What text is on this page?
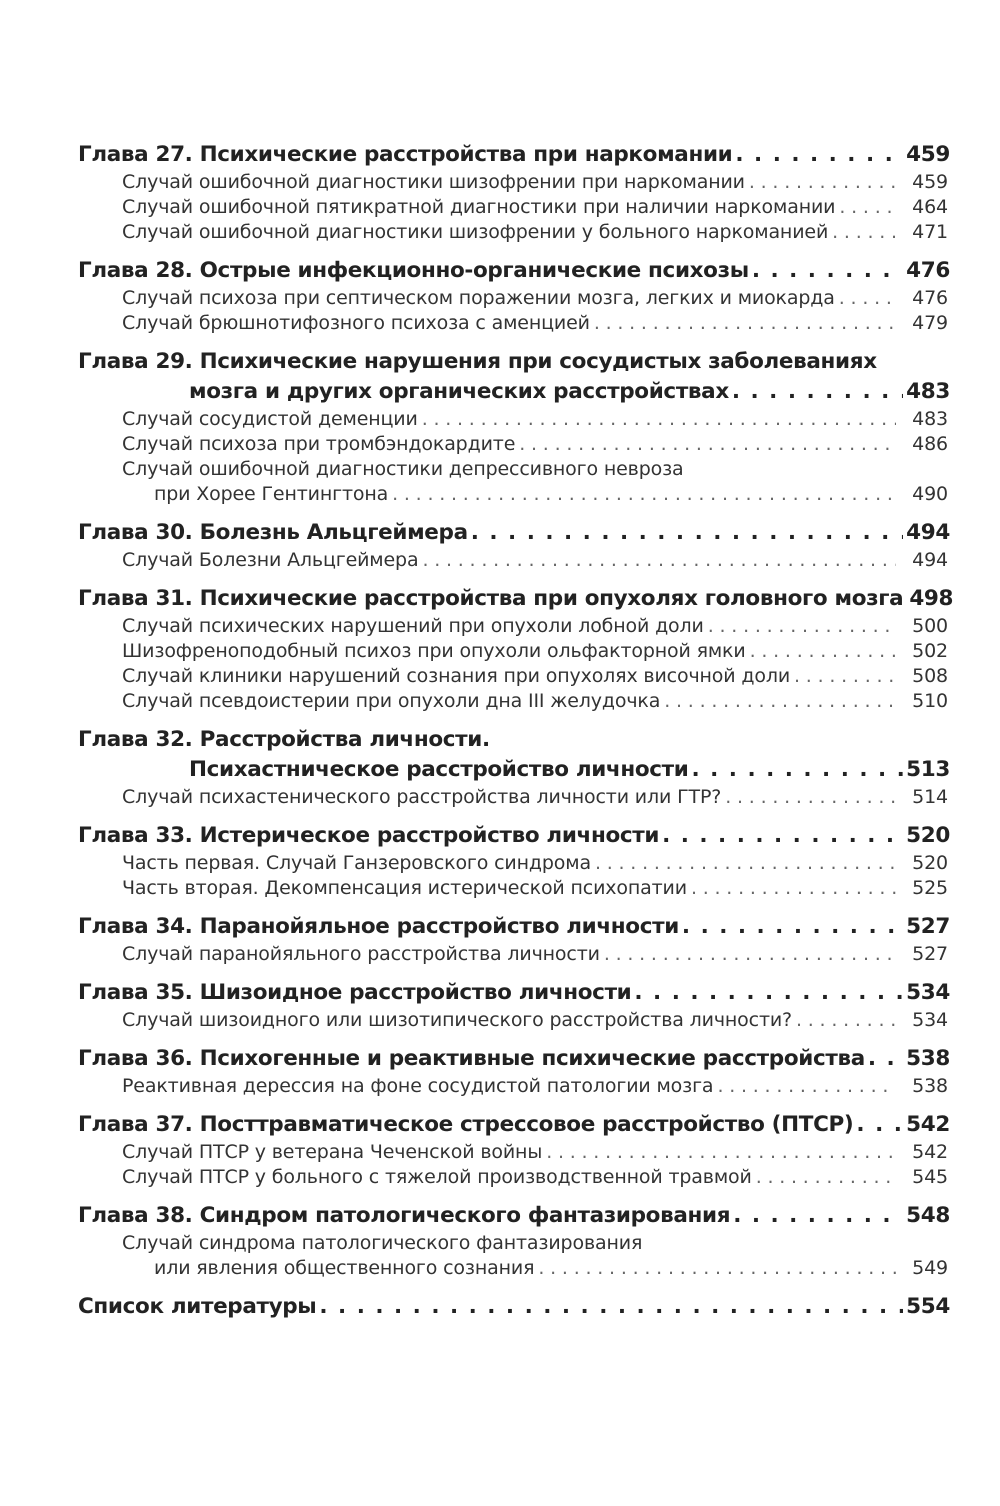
Глава 27. Психические расстройства при наркомании . . .	459
Случай ошибочной диагностики шизофрении при наркомании . . .	459
Случай ошибочной пятикратной диагностики при наличии наркомании . . .	464
Случай ошибочной диагностики шизофрении у больного наркоманией . . .	471
Глава 28. Острые инфекционно-органические психозы . . .	476
Случай психоза при септическом поражении мозга, легких и миокарда . . .	476
Случай брюшнотифозного психоза с аменцией . . .	479
Глава 29. Психические нарушения при сосудистых заболеваниях
мозга и других органических расстройствах . . .	483
Случай сосудистой деменции . . .	483
Случай психоза при тромбэндокардите . . .	486
Случай ошибочной диагностики депрессивного невроза
при Хорее Гентингтона . . .	490
Глава 30. Болезнь Альцгеймера . . .	494
Случай Болезни Альцгеймера . . .	494
Глава 31. Психические расстройства при опухолях головного мозга 498
Случай психических нарушений при опухоли лобной доли . . .	500
Шизофреноподобный психоз при опухоли ольфакторной ямки . . .	502
Случай клиники нарушений сознания при опухолях височной доли . . .	508
Случай псевдоистерии при опухоли дна III желудочка . . .	510
Глава 32. Расстройства личности.
Психастническое расстройство личности . . .	513
Случай психастенического расстройства личности или ГТР? . . .	514
Глава 33. Истерическое расстройство личности . . .	520
Часть первая. Случай Ганзеровского синдрома . . .	520
Часть вторая. Декомпенсация истерической психопатии . . .	525
Глава 34. Паранойяльное расстройство личности . . .	527
Случай паранойяльного расстройства личности . . .	527
Глава 35. Шизоидное расстройство личности . . .	534
Случай шизоидного или шизотипического расстройства личности? . . .	534
Глава 36. Психогенные и реактивные психические расстройства . . . 538
Реактивная дерессия на фоне сосудистой патологии мозга . . .	538
Глава 37. Посттравматическое стрессовое расстройство (ПТСР) . . . 542
Случай ПТСР у ветерана Чеченской войны . . .	542
Случай ПТСР у больного с тяжелой производственной травмой . . .	545
Глава 38. Синдром патологического фантазирования . . .	548
Случай синдрома патологического фантазирования
или явления общественного сознания . . .	549
Список литературы . . .	554
